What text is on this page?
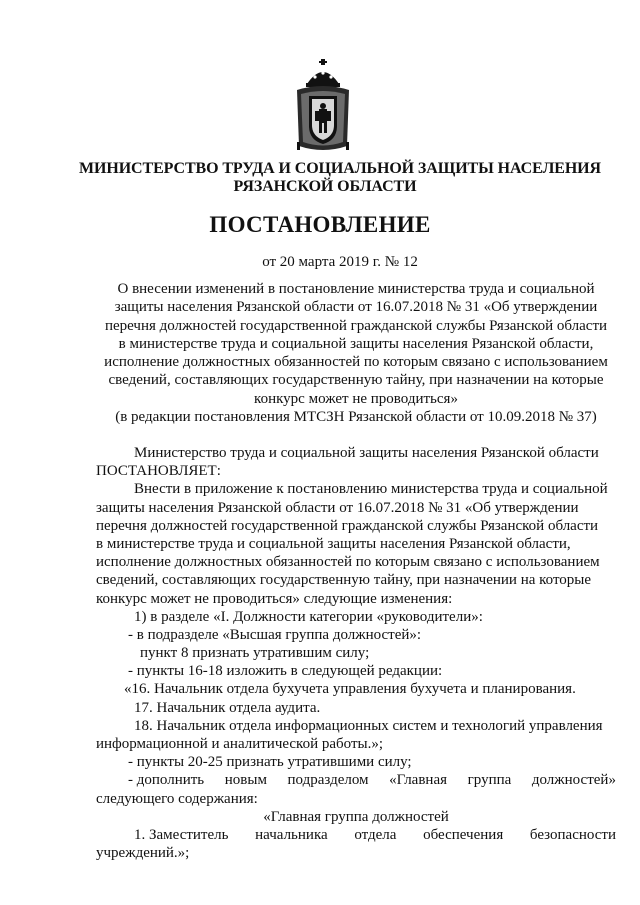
МИНИСТЕРСТВО ТРУДА И СОЦИАЛЬНОЙ ЗАЩИТЫ НАСЕЛЕНИЯ
РЯЗАНСКОЙ ОБЛАСТИ
ПОСТАНОВЛЕНИЕ
от 20 марта 2019 г. № 12
О внесении изменений в постановление министерства труда и социальной
защиты населения Рязанской области от 16.07.2018 № 31 «Об утверждении
перечня должностей государственной гражданской службы Рязанской области
в министерстве труда и социальной защиты населения Рязанской области,
исполнение должностных обязанностей по которым связано с использованием
сведений, составляющих государственную тайну, при назначении на которые
конкурс может не проводиться»
(в редакции постановления МТСЗН Рязанской области от 10.09.2018 № 37)
Министерство труда и социальной защиты населения Рязанской области
ПОСТАНОВЛЯЕТ:
Внести в приложение к постановлению министерства труда и социальной
защиты населения Рязанской области от 16.07.2018 № 31 «Об утверждении
перечня должностей государственной гражданской службы Рязанской области
в министерстве труда и социальной защиты населения Рязанской области,
исполнение должностных обязанностей по которым связано с использованием
сведений, составляющих государственную тайну, при назначении на которые
конкурс может не проводиться» следующие изменения:
1) в разделе «I. Должности категории «руководители»:
- в подразделе «Высшая группа должностей»:
пункт 8 признать утратившим силу;
- пункты 16-18 изложить в следующей редакции:
«16. Начальник отдела бухучета управления бухучета и планирования.
17. Начальник отдела аудита.
18. Начальник отдела информационных систем и технологий управления
информационной и аналитической работы.»;
- пункты 20-25 признать утратившими силу;
- дополнить новым подразделом «Главная группа должностей»
следующего содержания:
«Главная группа должностей
1. Заместитель начальника отдела обеспечения безопасности
учреждений.»;
